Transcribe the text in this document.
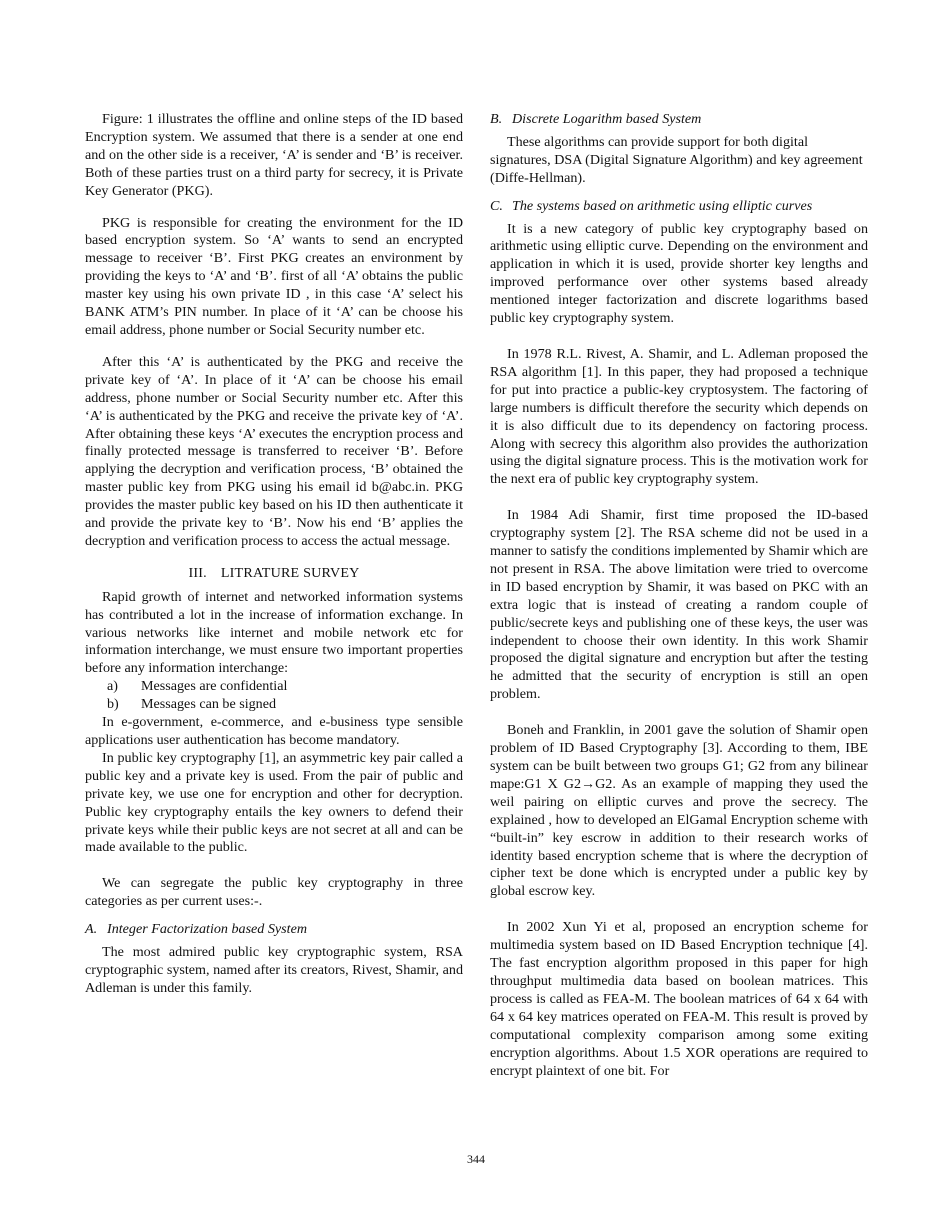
Figure: 1 illustrates the offline and online steps of the ID based Encryption system. We assumed that there is a sender at one end and on the other side is a receiver, ‘A’ is sender and ‘B’ is receiver. Both of these parties trust on a third party for secrecy, it is Private Key Generator (PKG).

PKG is responsible for creating the environment for the ID based encryption system. So ‘A’ wants to send an encrypted message to receiver ‘B’. First PKG creates an environment by providing the keys to ‘A’ and ‘B’. first of all ‘A’ obtains the public master key using his own private ID , in this case ‘A’ select his BANK ATM’s PIN number. In place of it ‘A’ can be choose his email address, phone number or Social Security number etc.

After this ‘A’ is authenticated by the PKG and receive the private key of ‘A’. In place of it ‘A’ can be choose his email address, phone number or Social Security number etc. After this ‘A’ is authenticated by the PKG and receive the private key of ‘A’. After obtaining these keys ‘A’ executes the encryption process and finally protected message is transferred to receiver ‘B’. Before applying the decryption and verification process, ‘B’ obtained the master public key from PKG using his email id b@abc.in. PKG provides the master public key based on his ID then authenticate it and provide the private key to ‘B’. Now his end ‘B’ applies the decryption and verification process to access the actual message.

III. LITRATURE SURVEY

Rapid growth of internet and networked information systems has contributed a lot in the increase of information exchange. In various networks like internet and mobile network etc for information interchange, we must ensure two important properties before any information interchange:

a) Messages are confidential
b) Messages can be signed

In e-government, e-commerce, and e-business type sensible applications user authentication has become mandatory.

In public key cryptography [1], an asymmetric key pair called a public key and a private key is used. From the pair of public and private key, we use one for encryption and other for decryption. Public key cryptography entails the key owners to defend their private keys while their public keys are not secret at all and can be made available to the public.

We can segregate the public key cryptography in three categories as per current uses:-.

A. Integer Factorization based System

The most admired public key cryptographic system, RSA cryptographic system, named after its creators, Rivest, Shamir, and Adleman is under this family.

B. Discrete Logarithm based System

These algorithms can provide support for both digital signatures, DSA (Digital Signature Algorithm) and key agreement (Diffe-Hellman).

C. The systems based on arithmetic using elliptic curves

It is a new category of public key cryptography based on arithmetic using elliptic curve. Depending on the environment and application in which it is used, provide shorter key lengths and improved performance over other systems based already mentioned integer factorization and discrete logarithms based public key cryptography system.

In 1978 R.L. Rivest, A. Shamir, and L. Adleman proposed the RSA algorithm [1]. In this paper, they had proposed a technique for put into practice a public-key cryptosystem. The factoring of large numbers is difficult therefore the security which depends on it is also difficult due to its dependency on factoring process. Along with secrecy this algorithm also provides the authorization using the digital signature process. This is the motivation work for the next era of public key cryptography system.

In 1984 Adi Shamir, first time proposed the ID-based cryptography system [2]. The RSA scheme did not be used in a manner to satisfy the conditions implemented by Shamir which are not present in RSA. The above limitation were tried to overcome in ID based encryption by Shamir, it was based on PKC with an extra logic that is instead of creating a random couple of public/secrete keys and publishing one of these keys, the user was independent to choose their own identity. In this work Shamir proposed the digital signature and encryption but after the testing he admitted that the security of encryption is still an open problem.

Boneh and Franklin, in 2001 gave the solution of Shamir open problem of ID Based Cryptography [3]. According to them, IBE system can be built between two groups G1; G2 from any bilinear mape:G1 X G2→G2. As an example of mapping they used the weil pairing on elliptic curves and prove the secrecy. The explained , how to developed an ElGamal Encryption scheme with “built-in” key escrow in addition to their research works of identity based encryption scheme that is where the decryption of cipher text be done which is encrypted under a public key by global escrow key.

In 2002 Xun Yi et al, proposed an encryption scheme for multimedia system based on ID Based Encryption technique [4]. The fast encryption algorithm proposed in this paper for high throughput multimedia data based on boolean matrices. This process is called as FEA-M. The boolean matrices of 64 x 64 with 64 x 64 key matrices operated on FEA-M. This result is proved by computational complexity comparison among some exiting encryption algorithms. About 1.5 XOR operations are required to encrypt plaintext of one bit. For

344
